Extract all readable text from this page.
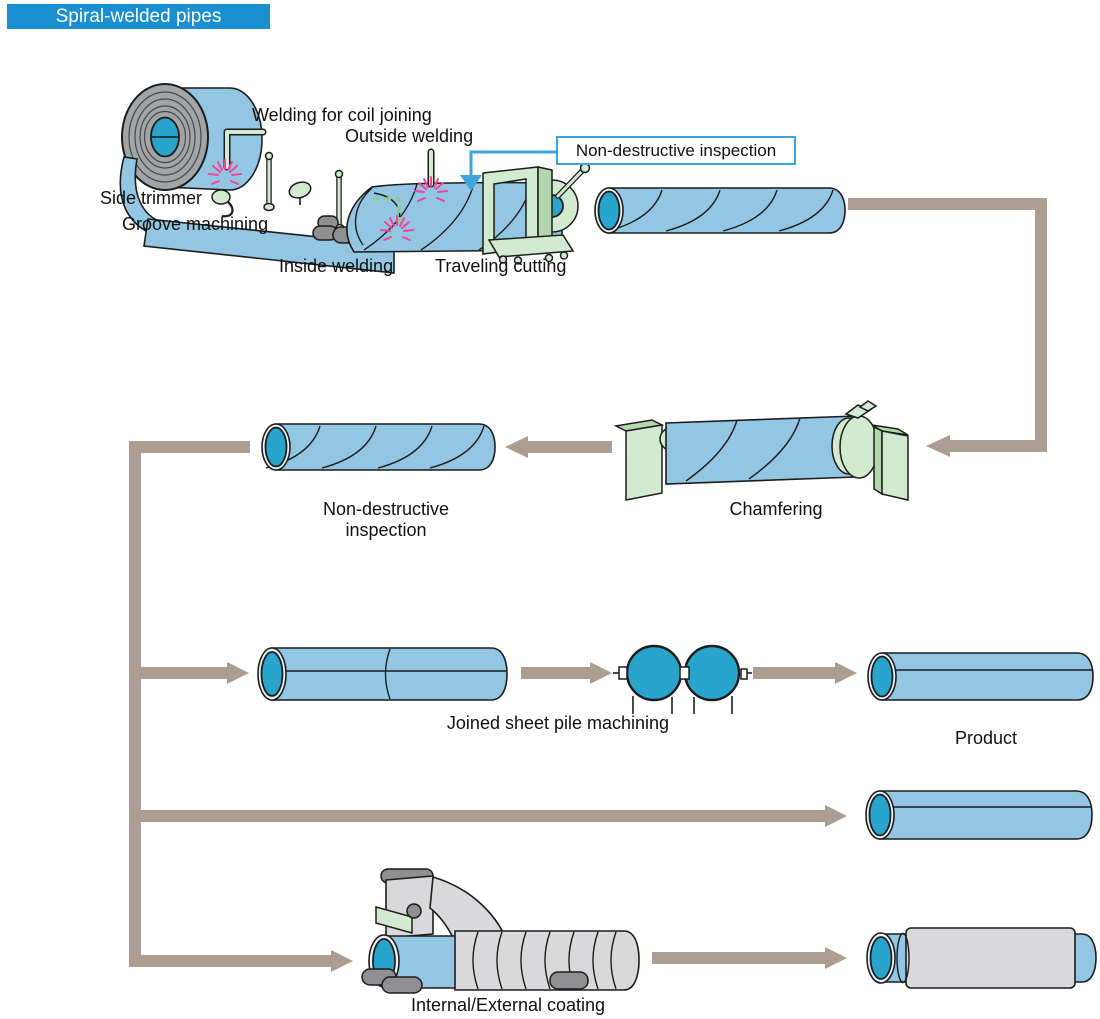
Spiral-welded pipes
Welding for coil joining
Outside welding
Non-destructive inspection
Side trimmer
Groove machining
Inside welding Traveling cutting
Non-destructive
inspection
Chamfering
Joined sheet pile machining
Product
Internal/External coating
